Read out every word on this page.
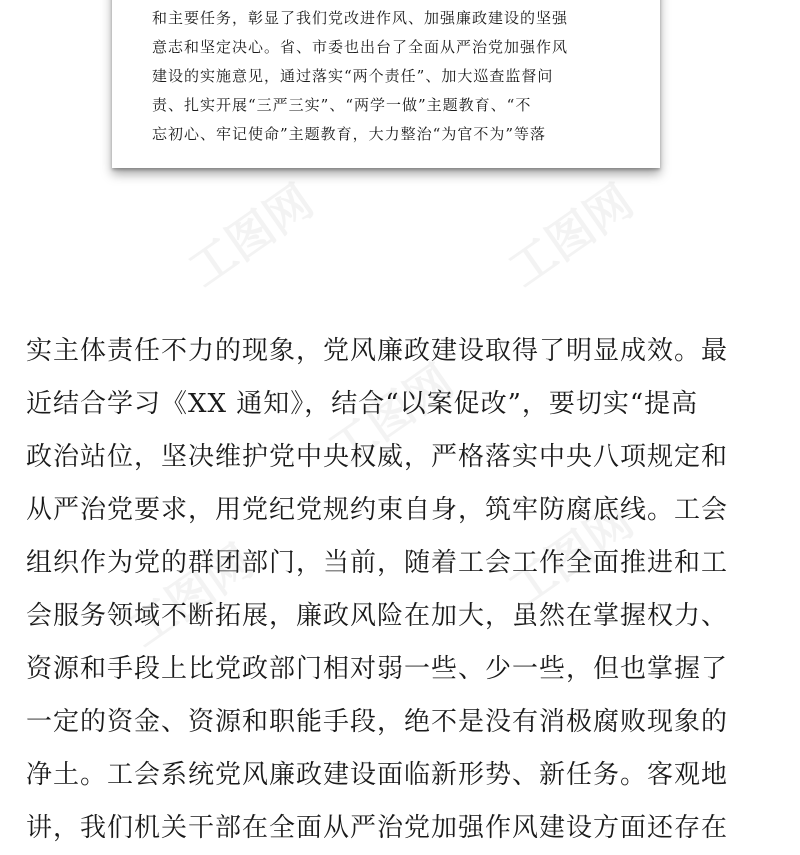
工图网	工图网
工图网
工图网
工图网
和主要任务，彰显了我们党改进作风、加强廉政建设的坚强
意志和坚定决心。省、市委也出台了全面从严治党加强作风
建设的实施意见，通过落实“两个责任”、加大巡查监督问
责、扎实开展“三严三实”、“两学一做”主题教育、“不
忘初心、牢记使命”主题教育，大力整治“为官不为”等落
实主体责任不力的现象，党风廉政建设取得了明显成效。最
近结合学习《XX 通知》，结合“以案促改”，要切实“提高
政治站位，坚决维护党中央权威，严格落实中央八项规定和
从严治党要求，用党纪党规约束自身，筑牢防腐底线。工会
组织作为党的群团部门，当前，随着工会工作全面推进和工
会服务领域不断拓展，廉政风险在加大，虽然在掌握权力、
资源和手段上比党政部门相对弱一些、少一些，但也掌握了
一定的资金、资源和职能手段，绝不是没有消极腐败现象的
净土。工会系统党风廉政建设面临新形势、新任务。客观地
讲，我们机关干部在全面从严治党加强作风建设方面还存在
